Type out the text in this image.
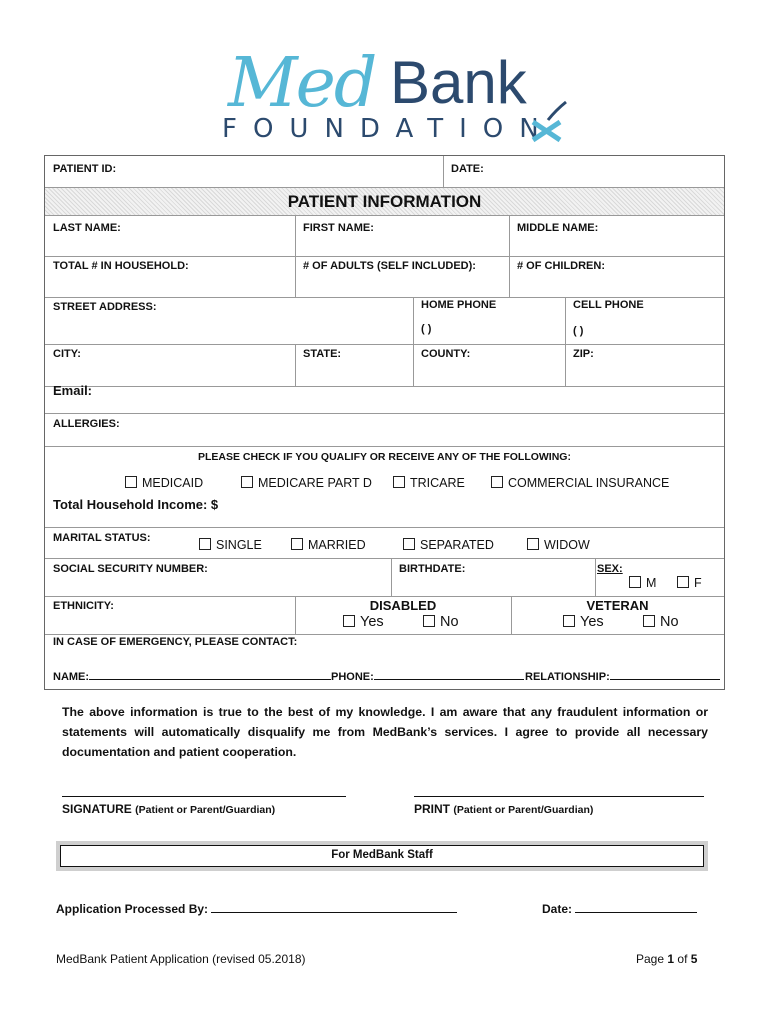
Med Bank
FOUNDATION
PATIENT ID:	DATE:
PATIENT INFORMATION
LAST NAME:	FIRST NAME:	MIDDLE NAME:
TOTAL # IN HOUSEHOLD:	# OF ADULTS (SELF INCLUDED):	# OF CHILDREN:
STREET ADDRESS:	HOME PHONE	CELL PHONE
( )	( )
CITY:	STATE:	COUNTY:	ZIP:
Email:
ALLERGIES:
PLEASE CHECK IF YOU QUALIFY OR RECEIVE ANY OF THE FOLLOWING:
MEDICAID	MEDICARE PART D	TRICARE	COMMERCIAL INSURANCE
Total Household Income: $
MARITAL STATUS:	SINGLE	MARRIED	SEPARATED	WIDOW
SOCIAL SECURITY NUMBER:	BIRTHDATE:	SEX:
M	F
ETHNICITY:	DISABLED
Yes	No
VETERAN
Yes	No
IN CASE OF EMERGENCY, PLEASE CONTACT:
NAME:	PHONE:	RELATIONSHIP:
The above information is true to the best of my knowledge. I am aware that any fraudulent information or statements will automatically disqualify me from MedBank’s services. I agree to provide all necessary documentation and patient cooperation.
SIGNATURE (Patient or Parent/Guardian)	PRINT (Patient or Parent/Guardian)
For MedBank Staff
Application Processed By:	Date:
MedBank Patient Application (revised 05.2018)	Page 1 of 5
